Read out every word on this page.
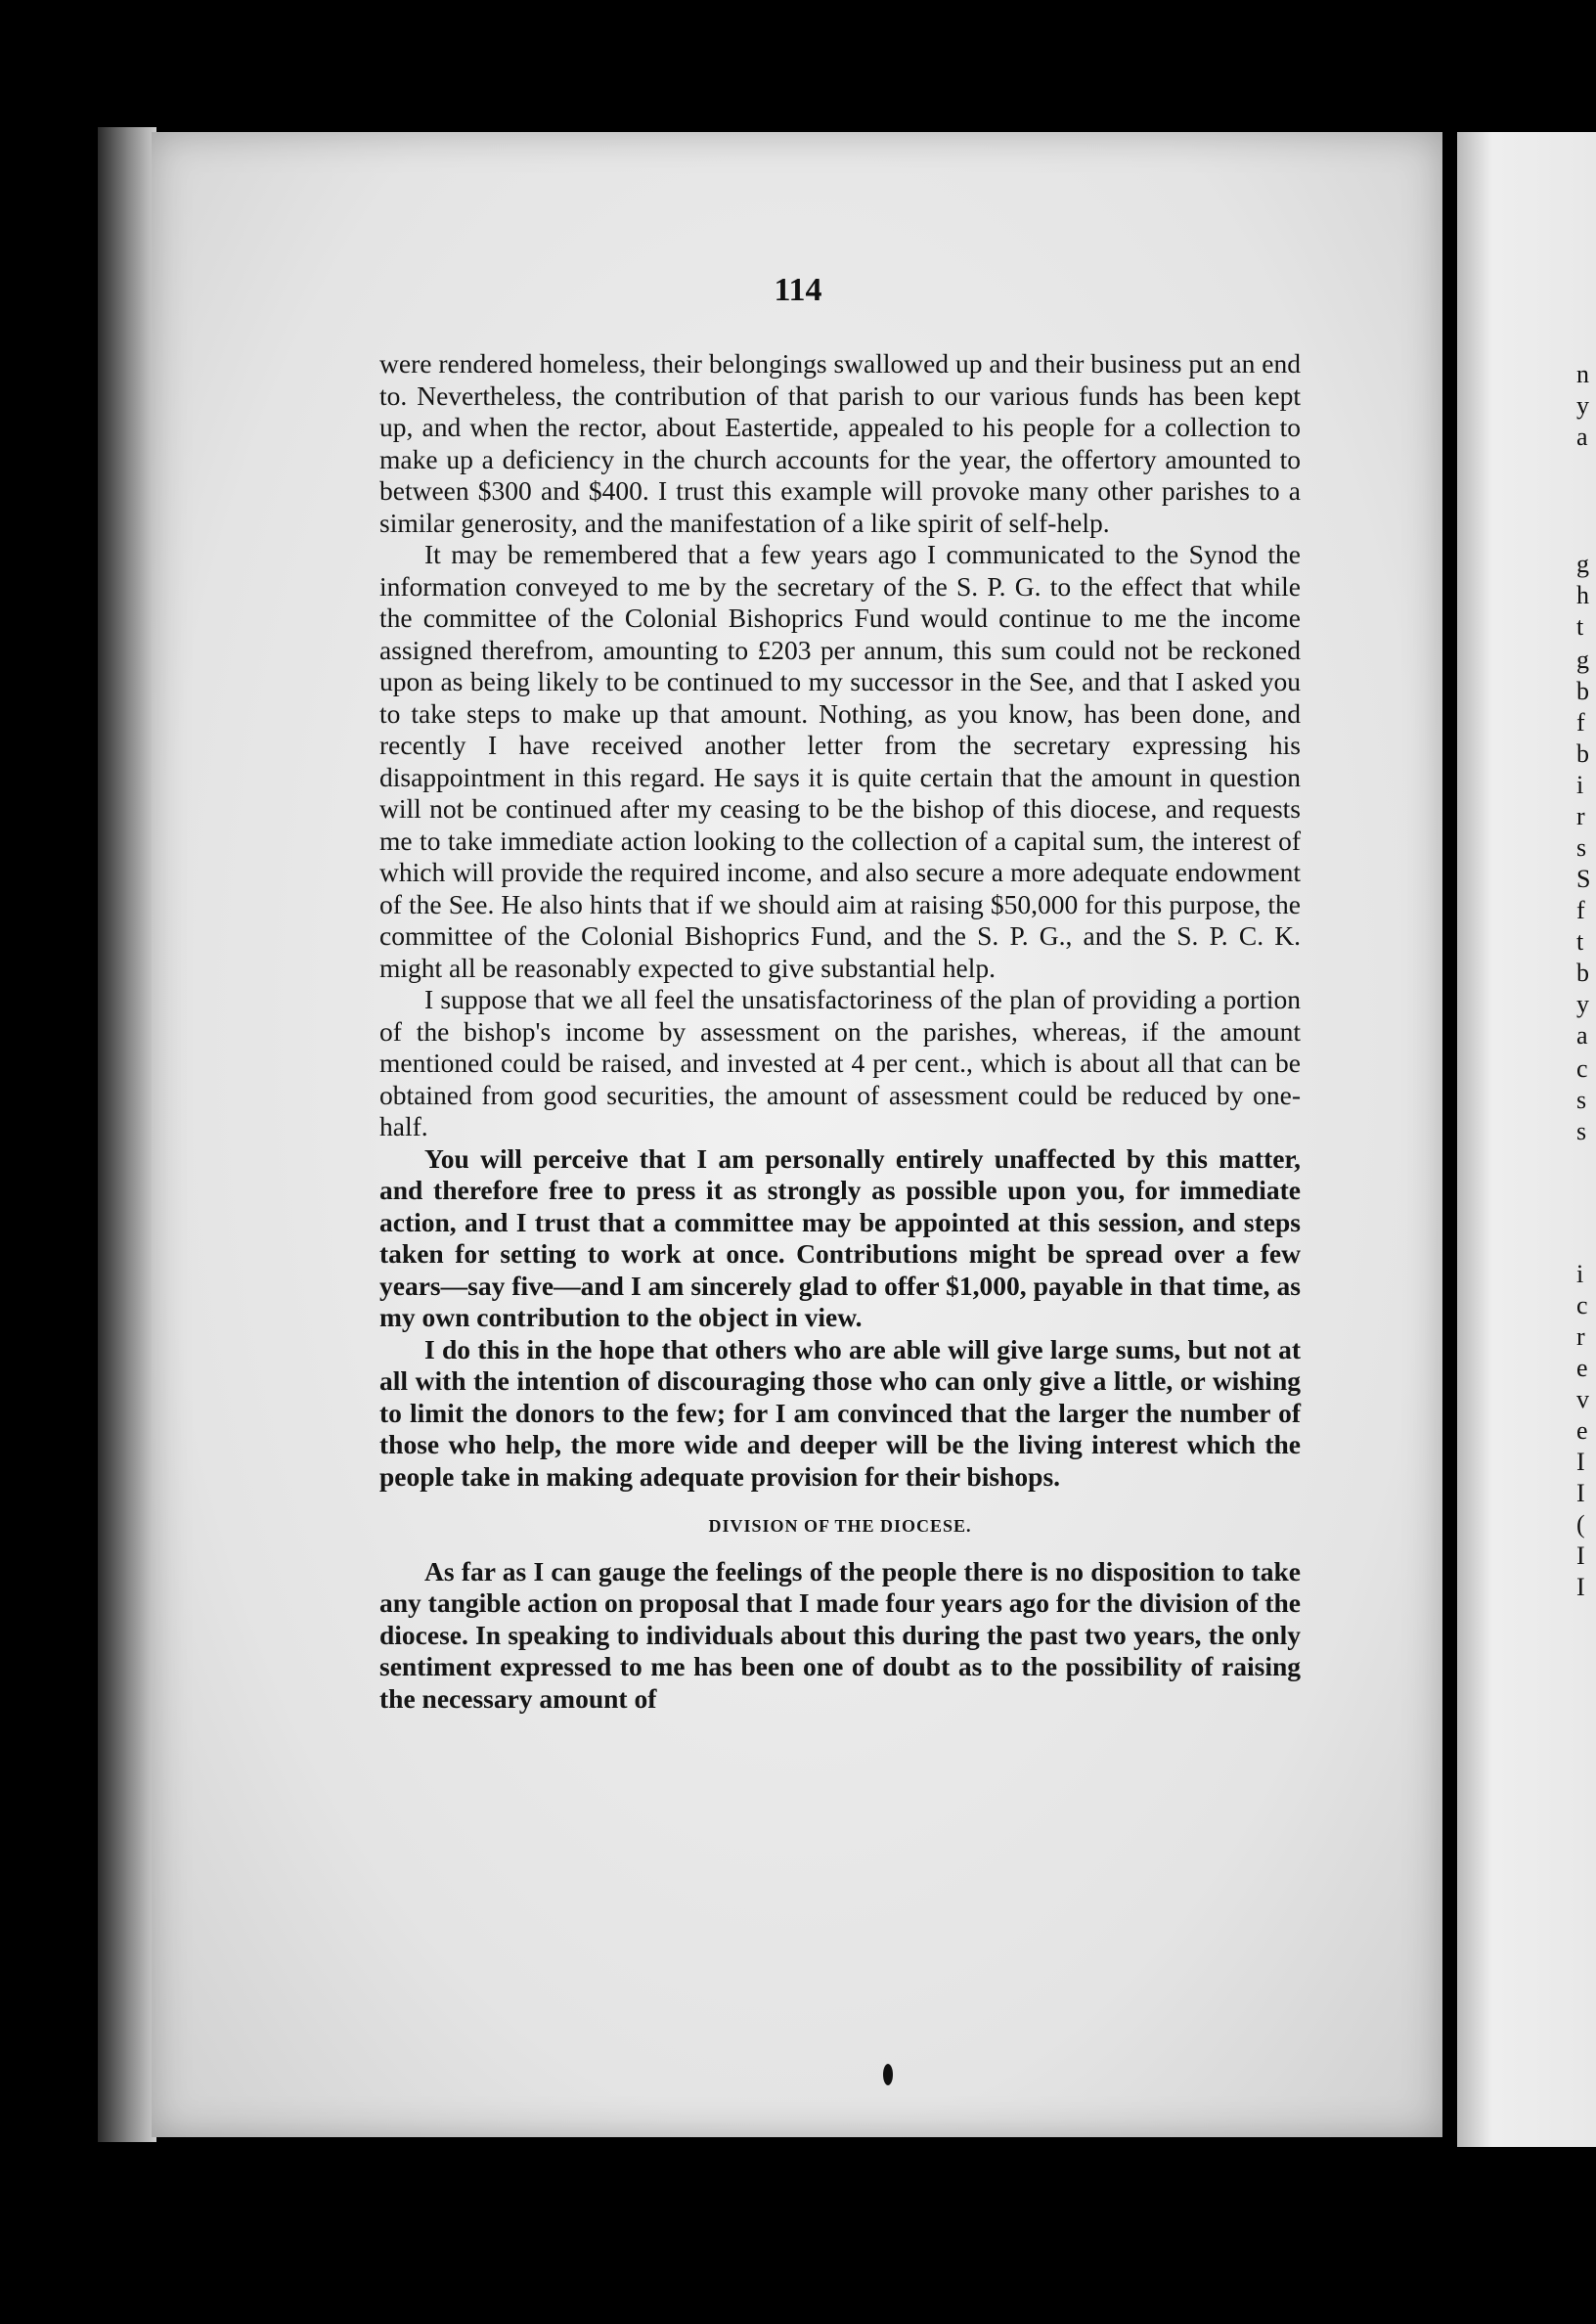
n
y
a
g
h
t
g
b
f
b
i
r
s
S
f
t
b
y
a
c
s
s
i
c
r
e
v
e
I
I
(
I
I
114

were rendered homeless, their belongings swallowed up and their business put an end to. Nevertheless, the contribution of that parish to our various funds has been kept up, and when the rector, about Eastertide, appealed to his people for a collection to make up a deficiency in the church accounts for the year, the offertory amounted to between $300 and $400. I trust this example will provoke many other parishes to a similar generosity, and the manifestation of a like spirit of self-help.

It may be remembered that a few years ago I communicated to the Synod the information conveyed to me by the secretary of the S. P. G. to the effect that while the committee of the Colonial Bishoprics Fund would continue to me the income assigned therefrom, amounting to £203 per annum, this sum could not be reckoned upon as being likely to be continued to my successor in the See, and that I asked you to take steps to make up that amount. Nothing, as you know, has been done, and recently I have received another letter from the secretary expressing his disappointment in this regard. He says it is quite certain that the amount in question will not be continued after my ceasing to be the bishop of this diocese, and requests me to take immediate action looking to the collection of a capital sum, the interest of which will provide the required income, and also secure a more adequate endowment of the See. He also hints that if we should aim at raising $50,000 for this purpose, the committee of the Colonial Bishoprics Fund, and the S. P. G., and the S. P. C. K. might all be reasonably expected to give substantial help.

I suppose that we all feel the unsatisfactoriness of the plan of providing a portion of the bishop's income by assessment on the parishes, whereas, if the amount mentioned could be raised, and invested at 4 per cent., which is about all that can be obtained from good securities, the amount of assessment could be reduced by one-half.

You will perceive that I am personally entirely unaffected by this matter, and therefore free to press it as strongly as possible upon you, for immediate action, and I trust that a committee may be appointed at this session, and steps taken for setting to work at once. Contributions might be spread over a few years—say five—and I am sincerely glad to offer $1,000, payable in that time, as my own contribution to the object in view.

I do this in the hope that others who are able will give large sums, but not at all with the intention of discouraging those who can only give a little, or wishing to limit the donors to the few; for I am convinced that the larger the number of those who help, the more wide and deeper will be the living interest which the people take in making adequate provision for their bishops.

DIVISION OF THE DIOCESE.

As far as I can gauge the feelings of the people there is no disposition to take any tangible action on proposal that I made four years ago for the division of the diocese. In speaking to individuals about this during the past two years, the only sentiment expressed to me has been one of doubt as to the possibility of raising the necessary amount of
